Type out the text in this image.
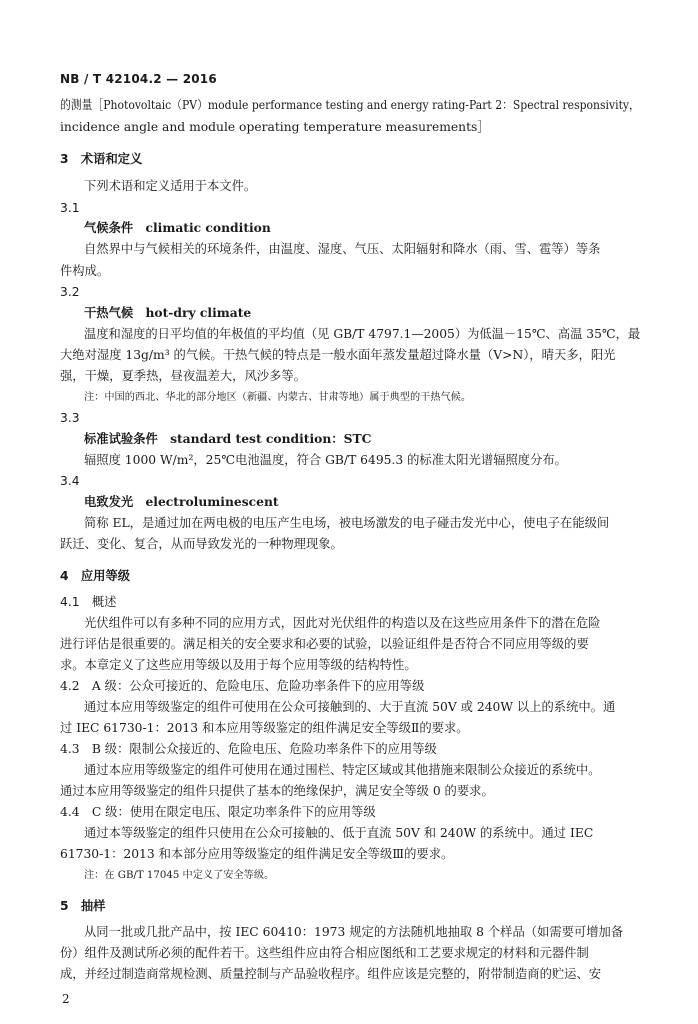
NB / T 42104.2 — 2016
的测量［Photovoltaic（PV）module performance testing and energy rating-Part 2：Spectral responsivity，
incidence angle and module operating temperature measurements］
3　术语和定义
下列术语和定义适用于本文件。
3.1
气候条件　climatic condition
自然界中与气候相关的环境条件，由温度、湿度、气压、太阳辐射和降水（雨、雪、雹等）等条
件构成。
3.2
干热气候　hot-dry climate
温度和湿度的日平均值的年极值的平均值（见 GB/T 4797.1—2005）为低温－15℃、高温 35℃，最
大绝对湿度 13g/m³ 的气候。干热气候的特点是一般水面年蒸发量超过降水量（V>N），晴天多，阳光
强，干燥，夏季热，昼夜温差大，风沙多等。
注：中国的西北、华北的部分地区（新疆、内蒙古、甘肃等地）属于典型的干热气候。
3.3
标准试验条件　standard test condition：STC
辐照度 1000 W/m²，25℃电池温度，符合 GB/T 6495.3 的标准太阳光谱辐照度分布。
3.4
电致发光　electroluminescent
简称 EL，是通过加在两电极的电压产生电场，被电场激发的电子碰击发光中心，使电子在能级间
跃迁、变化、复合，从而导致发光的一种物理现象。
4　应用等级
4.1　概述
光伏组件可以有多种不同的应用方式，因此对光伏组件的构造以及在这些应用条件下的潜在危险
进行评估是很重要的。满足相关的安全要求和必要的试验，以验证组件是否符合不同应用等级的要
求。本章定义了这些应用等级以及用于每个应用等级的结构特性。
4.2　A 级：公众可接近的、危险电压、危险功率条件下的应用等级
通过本应用等级鉴定的组件可使用在公众可接触到的、大于直流 50V 或 240W 以上的系统中。通
过 IEC 61730-1：2013 和本应用等级鉴定的组件满足安全等级Ⅱ的要求。
4.3　B 级：限制公众接近的、危险电压、危险功率条件下的应用等级
通过本应用等级鉴定的组件可使用在通过围栏、特定区域或其他措施来限制公众接近的系统中。
通过本应用等级鉴定的组件只提供了基本的绝缘保护，满足安全等级 0 的要求。
4.4　C 级：使用在限定电压、限定功率条件下的应用等级
通过本等级鉴定的组件只使用在公众可接触的、低于直流 50V 和 240W 的系统中。通过 IEC
61730-1：2013 和本部分应用等级鉴定的组件满足安全等级Ⅲ的要求。
注：在 GB/T 17045 中定义了安全等级。
5　抽样
从同一批或几批产品中，按 IEC 60410：1973 规定的方法随机地抽取 8 个样品（如需要可增加备
份）组件及测试所必须的配件若干。这些组件应由符合相应图纸和工艺要求规定的材料和元器件制
成，并经过制造商常规检测、质量控制与产品验收程序。组件应该是完整的，附带制造商的贮运、安
2
